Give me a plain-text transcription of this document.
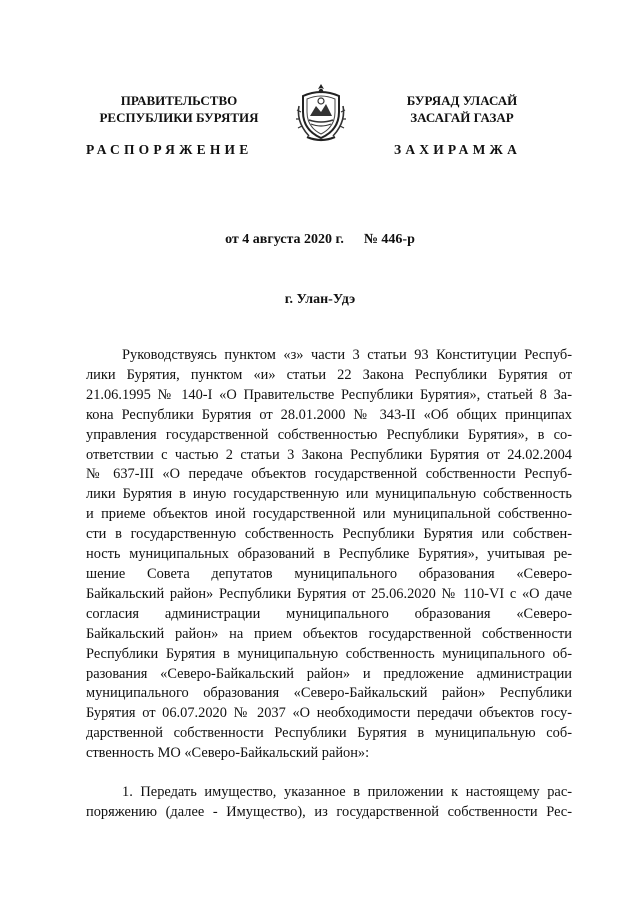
ПРАВИТЕЛЬСТВО
РЕСПУБЛИКИ БУРЯТИЯ
БУРЯАД УЛАСАЙ
ЗАСАГАЙ ГАЗАР
РАСПОРЯЖЕНИЕ	ЗАХИРАМЖА
от 4 августа 2020 г. № 446-р
г. Улан-Удэ
Руководствуясь пунктом «з» части 3 статьи 93 Конституции Респуб-
лики Бурятия, пунктом «и» статьи 22 Закона Республики Бурятия от
21.06.1995 № 140-I «О Правительстве Республики Бурятия», статьей 8 За-
кона Республики Бурятия от 28.01.2000 № 343-II «Об общих принципах
управления государственной собственностью Республики Бурятия», в со-
ответствии с частью 2 статьи 3 Закона Республики Бурятия от 24.02.2004
№ 637-III «О передаче объектов государственной собственности Респуб-
лики Бурятия в иную государственную или муниципальную собственность
и приеме объектов иной государственной или муниципальной собственно-
сти в государственную собственность Республики Бурятия или собствен-
ность муниципальных образований в Республике Бурятия», учитывая ре-
шение Совета депутатов муниципального образования «Северо-
Байкальский район» Республики Бурятия от 25.06.2020 № 110-VI с «О даче
согласия администрации муниципального образования «Северо-
Байкальский район» на прием объектов государственной собственности
Республики Бурятия в муниципальную собственность муниципального об-
разования «Северо-Байкальский район» и предложение администрации
муниципального образования «Северо-Байкальский район» Республики
Бурятия от 06.07.2020 № 2037 «О необходимости передачи объектов госу-
дарственной собственности Республики Бурятия в муниципальную соб-
ственность МО «Северо-Байкальский район»:
1. Передать имущество, указанное в приложении к настоящему рас-
поряжению (далее - Имущество), из государственной собственности Рес-
